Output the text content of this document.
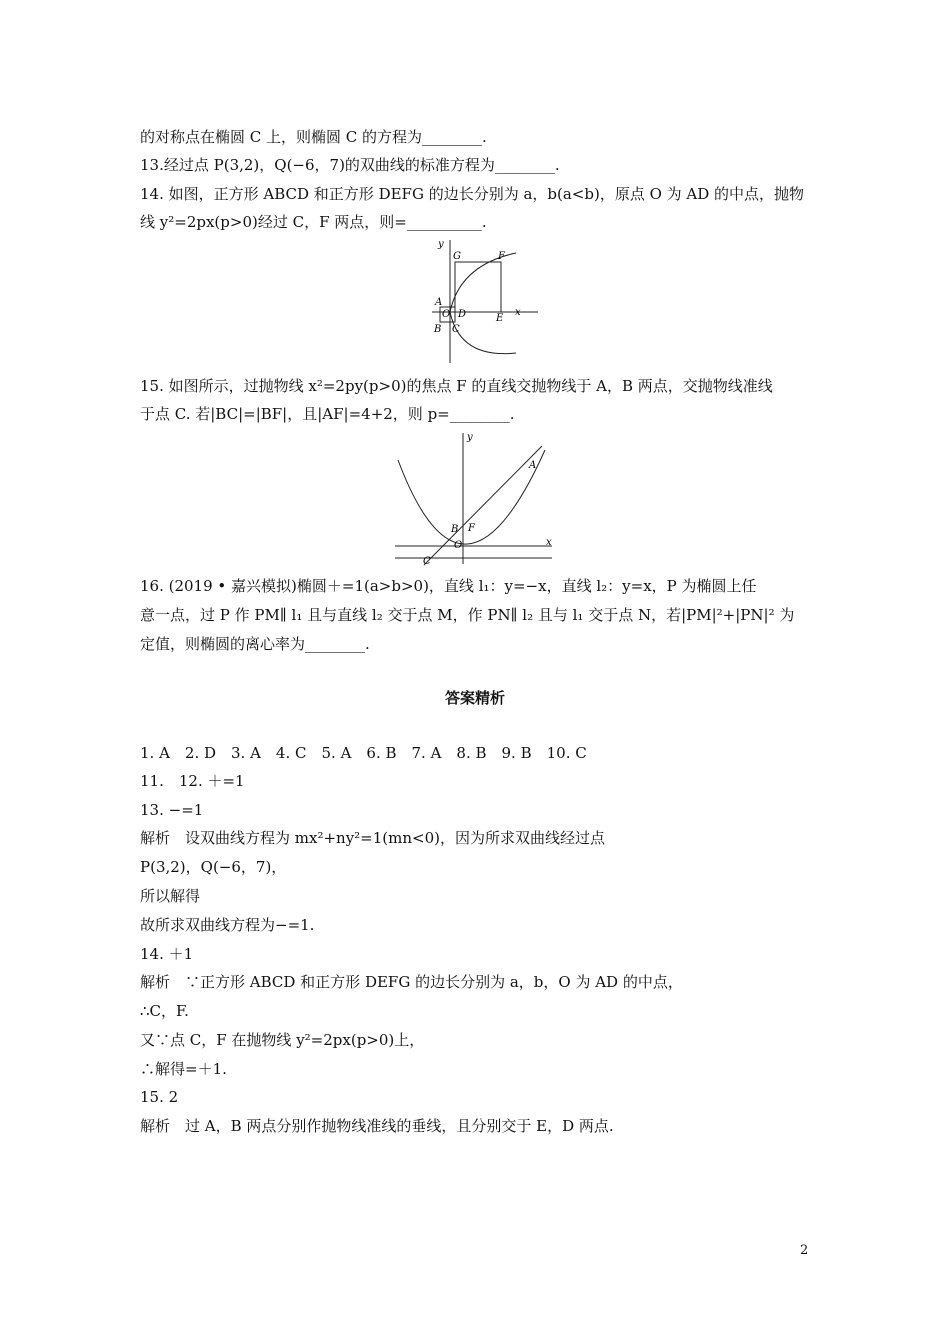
的对称点在椭圆 C 上，则椭圆 C 的方程为________.
13.经过点 P(3,2)，Q(−6，7)的双曲线的标准方程为________.
14. 如图，正方形 ABCD 和正方形 DEFG 的边长分别为 a，b(a<b)，原点 O 为 AD 的中点，抛物
线 y²=2px(p>0)经过 C，F 两点，则=__________.
y
G	F
A
O D	E
x
B C
15. 如图所示，过抛物线 x²=2py(p>0)的焦点 F 的直线交抛物线于 A，B 两点，交抛物线准线
于点 C. 若|BC|=|BF|，且|AF|=4+2，则 p=________.
y
A
B F
O	x
C
16. (2019 • 嘉兴模拟)椭圆＋=1(a>b>0)，直线 l₁：y=−x，直线 l₂：y=x，P 为椭圆上任
意一点，过 P 作 PM∥ l₁ 且与直线 l₂ 交于点 M，作 PN∥ l₂ 且与 l₁ 交于点 N，若|PM|²+|PN|² 为
定值，则椭圆的离心率为________.
答案精析
1. A　2. D　3. A　4. C　5. A　6. B　7. A　8. B　9. B　10. C
11.　12. ＋=1
13. −=1
解析　设双曲线方程为 mx²+ny²=1(mn<0)，因为所求双曲线经过点
P(3,2)，Q(−6，7)，
所以解得
故所求双曲线方程为−=1.
14. ＋1
解析　∵正方形 ABCD 和正方形 DEFG 的边长分别为 a，b，O 为 AD 的中点，
∴C，F.
又∵点 C，F 在抛物线 y²=2px(p>0)上，
∴解得=＋1.
15. 2
解析　过 A，B 两点分别作抛物线准线的垂线，且分别交于 E，D 两点.
2
